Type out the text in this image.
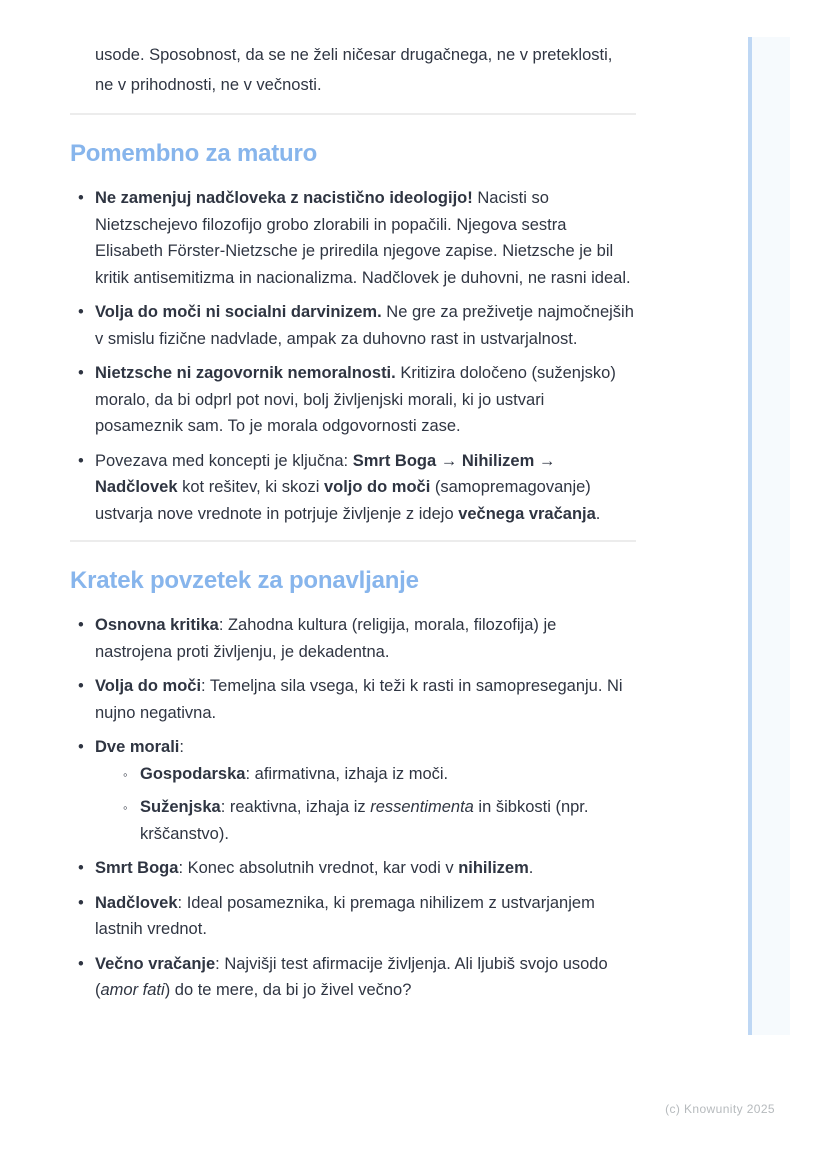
usode. Sposobnost, da se ne želi ničesar drugačnega, ne v preteklosti, ne v prihodnosti, ne v večnosti.

Pomembno za maturo
• Ne zamenjuj nadčloveka z nacistično ideologijo! Nacisti so Nietzschejevo filozofijo grobo zlorabili in popačili. Njegova sestra Elisabeth Förster-Nietzsche je priredila njegove zapise. Nietzsche je bil kritik antisemitizma in nacionalizma. Nadčlovek je duhovni, ne rasni ideal.
• Volja do moči ni socialni darvinizem. Ne gre za preživetje najmočnejših v smislu fizične nadvlade, ampak za duhovno rast in ustvarjalnost.
• Nietzsche ni zagovornik nemoralnosti. Kritizira določeno (suženjsko) moralo, da bi odprl pot novi, bolj življenjski morali, ki jo ustvari posameznik sam. To je morala odgovornosti zase.
• Povezava med koncepti je ključna: Smrt Boga → Nihilizem → Nadčlovek kot rešitev, ki skozi voljo do moči (samopremagovanje) ustvarja nove vrednote in potrjuje življenje z idejo večnega vračanja.
Kratek povzetek za ponavljanje
• Osnovna kritika: Zahodna kultura (religija, morala, filozofija) je nastrojena proti življenju, je dekadentna.
• Volja do moči: Temeljna sila vsega, ki teži k rasti in samopreseganju. Ni nujno negativna.
• Dve morali:
◦ Gospodarska: afirmativna, izhaja iz moči.
◦ Suženjska: reaktivna, izhaja iz ressentimenta in šibkosti (npr. krščanstvo).
• Smrt Boga: Konec absolutnih vrednot, kar vodi v nihilizem.
• Nadčlovek: Ideal posameznika, ki premaga nihilizem z ustvarjanjem lastnih vrednot.
• Večno vračanje: Najvišji test afirmacije življenja. Ali ljubiš svojo usodo (amor fati) do te mere, da bi jo živel večno?
(c) Knowunity 2025
